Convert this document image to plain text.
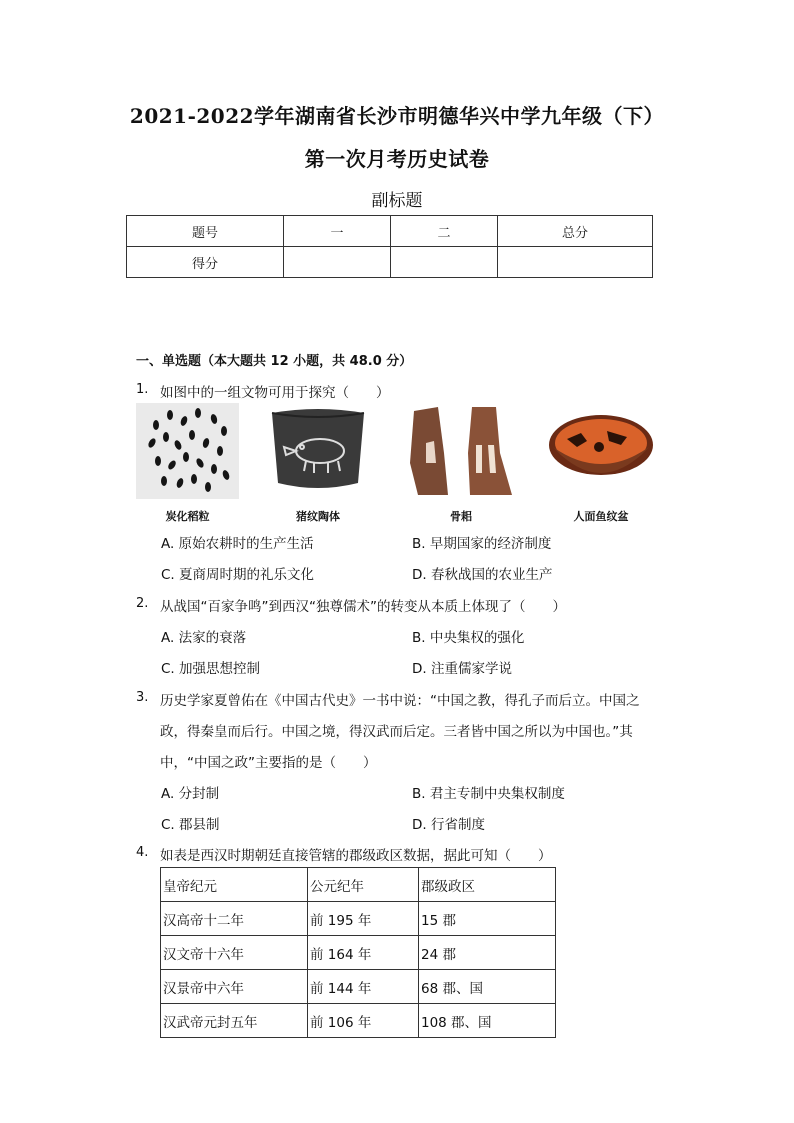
2021-2022学年湖南省长沙市明德华兴中学九年级（下）
第一次月考历史试卷
副标题
题号	一	二	总分
得分			
一、单选题（本大题共 12 小题，共 48.0 分）
1. 如图中的一组文物可用于探究（　　）
炭化稻粒	猪纹陶体	骨耜	人面鱼纹盆
A. 原始农耕时的生产生活	B. 早期国家的经济制度
C. 夏商周时期的礼乐文化	D. 春秋战国的农业生产
2. 从战国“百家争鸣”到西汉“独尊儒术”的转变从本质上体现了（　　）
A. 法家的衰落	B. 中央集权的强化
C. 加强思想控制	D. 注重儒家学说
3. 历史学家夏曾佑在《中国古代史》一书中说：“中国之教，得孔子而后立。中国之
政，得秦皇而后行。中国之境，得汉武而后定。三者皆中国之所以为中国也。”其
中，“中国之政”主要指的是（　　）
A. 分封制	B. 君主专制中央集权制度
C. 郡县制	D. 行省制度
4. 如表是西汉时期朝廷直接管辖的郡级政区数据，据此可知（　　）
皇帝纪元	公元纪年	郡级政区
汉高帝十二年	前 195 年	15 郡
汉文帝十六年	前 164 年	24 郡
汉景帝中六年	前 144 年	68 郡、国
汉武帝元封五年	前 106 年	108 郡、国
